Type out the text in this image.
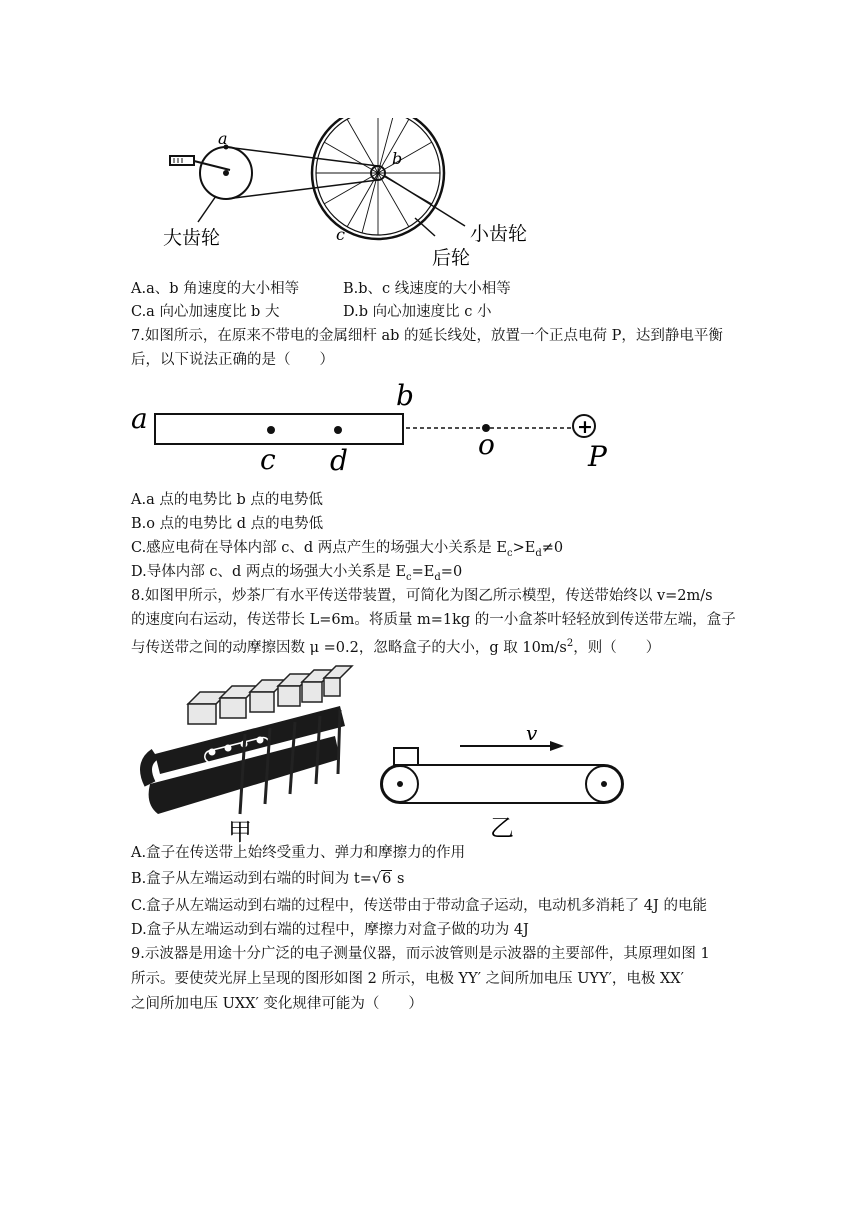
a
b
c
大齿轮	小齿轮
后轮
A.a、b 角速度的大小相等	B.b、c 线速度的大小相等
C.a 向心加速度比 b 大	D.b 向心加速度比 c 小
7.如图所示，在原来不带电的金属细杆 ab 的延长线处，放置一个正点电荷 P，达到静电平衡
后，以下说法正确的是（　　）
+
a
b
c d	o	P
A.a 点的电势比 b 点的电势低
B.o 点的电势比 d 点的电势低
C.感应电荷在导体内部 c、d 两点产生的场强大小关系是 $E_c>E_d\ne 0$
D.导体内部 c、d 两点的场强大小关系是 $E_c=E_d=0$
8.如图甲所示，炒茶厂有水平传送带装置，可简化为图乙所示模型，传送带始终以 v=2m/s
的速度向右运动，传送带长 L=6m。将质量 m=1kg 的一小盒茶叶轻轻放到传送带左端，盒子
与传送带之间的动摩擦因数 μ =0.2，忽略盒子的大小，g 取 $10m/s^2$，则（　　）
甲
v
乙
A.盒子在传送带上始终受重力、弹力和摩擦力的作用
B.盒子从左端运动到右端的时间为 t=√6 s
C.盒子从左端运动到右端的过程中，传送带由于带动盒子运动，电动机多消耗了 4J 的电能
D.盒子从左端运动到右端的过程中，摩擦力对盒子做的功为 4J
9.示波器是用途十分广泛的电子测量仪器，而示波管则是示波器的主要部件，其原理如图 1
所示。要使荧光屏上呈现的图形如图 2 所示，电极 YY′ 之间所加电压 UYY′，电极 XX′
之间所加电压 UXX′ 变化规律可能为（　　）
